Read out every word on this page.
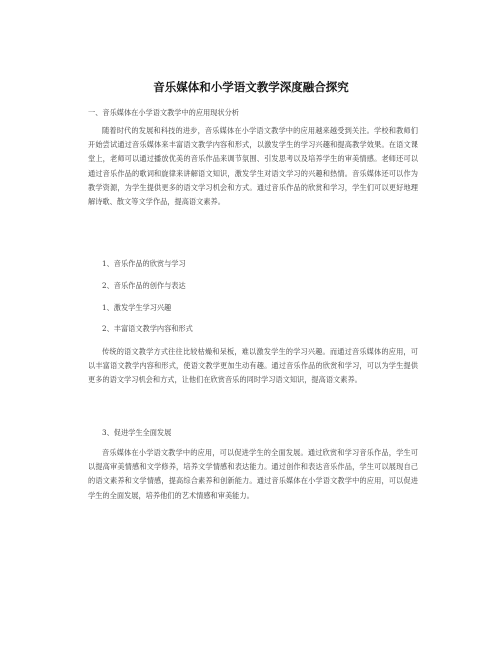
音乐媒体和小学语文教学深度融合探究

一、音乐媒体在小学语文教学中的应用现状分析

随着时代的发展和科技的进步，音乐媒体在小学语文教学中的应用越来越受到关注。学校和教师们开始尝试通过音乐媒体来丰富语文教学内容和形式，以激发学生的学习兴趣和提高教学效果。在语文课堂上，老师可以通过播放优美的音乐作品来调节氛围、引发思考以及培养学生的审美情感。老师还可以通过音乐作品的歌词和旋律来讲解语文知识，激发学生对语文学习的兴趣和热情。音乐媒体还可以作为教学资源，为学生提供更多的语文学习机会和方式。通过音乐作品的欣赏和学习，学生们可以更好地理解诗歌、散文等文学作品，提高语文素养。

1、音乐作品的欣赏与学习

2、音乐作品的创作与表达

1、激发学生学习兴趣

2、丰富语文教学内容和形式

传统的语文教学方式往往比较枯燥和呆板，难以激发学生的学习兴趣。而通过音乐媒体的应用，可以丰富语文教学内容和形式，使语文教学更加生动有趣。通过音乐作品的欣赏和学习，可以为学生提供更多的语文学习机会和方式，让他们在欣赏音乐的同时学习语文知识，提高语文素养。

3、促进学生全面发展

音乐媒体在小学语文教学中的应用，可以促进学生的全面发展。通过欣赏和学习音乐作品，学生可以提高审美情感和文学修养，培养文学情感和表达能力。通过创作和表达音乐作品，学生可以展现自己的语文素养和文学情感，提高综合素养和创新能力。通过音乐媒体在小学语文教学中的应用，可以促进学生的全面发展，培养他们的艺术情感和审美能力。
